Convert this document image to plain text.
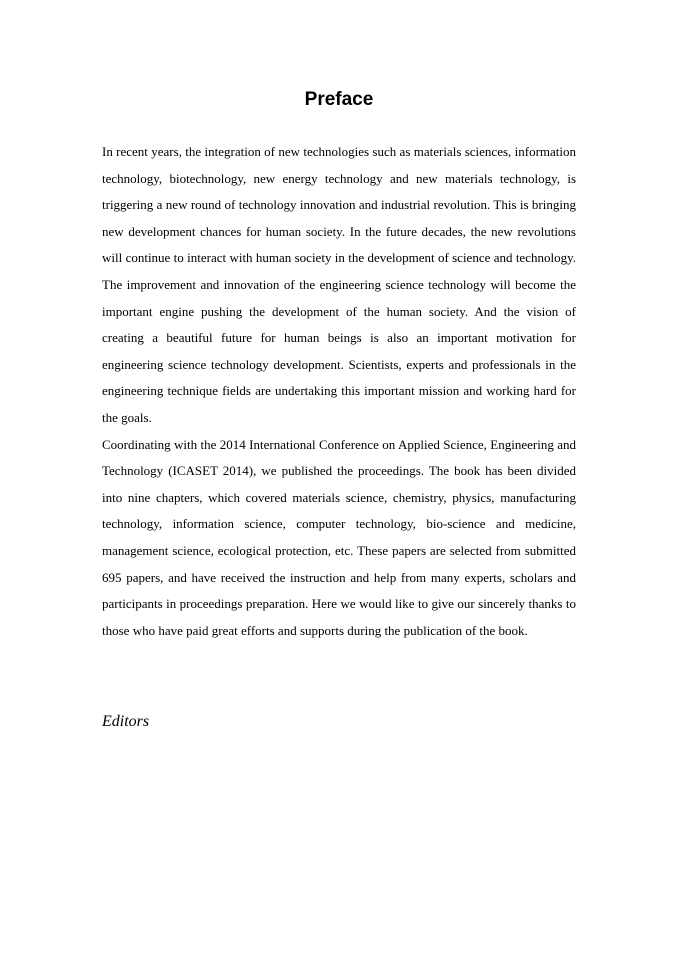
Preface

In recent years, the integration of new technologies such as materials sciences, information technology, biotechnology, new energy technology and new materials technology, is triggering a new round of technology innovation and industrial revolution. This is bringing new development chances for human society. In the future decades, the new revolutions will continue to interact with human society in the development of science and technology. The improvement and innovation of the engineering science technology will become the important engine pushing the development of the human society. And the vision of creating a beautiful future for human beings is also an important motivation for engineering science technology development. Scientists, experts and professionals in the engineering technique fields are undertaking this important mission and working hard for the goals.

Coordinating with the 2014 International Conference on Applied Science, Engineering and Technology (ICASET 2014), we published the proceedings. The book has been divided into nine chapters, which covered materials science, chemistry, physics, manufacturing technology, information science, computer technology, bio-science and medicine, management science, ecological protection, etc. These papers are selected from submitted 695 papers, and have received the instruction and help from many experts, scholars and participants in proceedings preparation. Here we would like to give our sincerely thanks to those who have paid great efforts and supports during the publication of the book.

Editors
